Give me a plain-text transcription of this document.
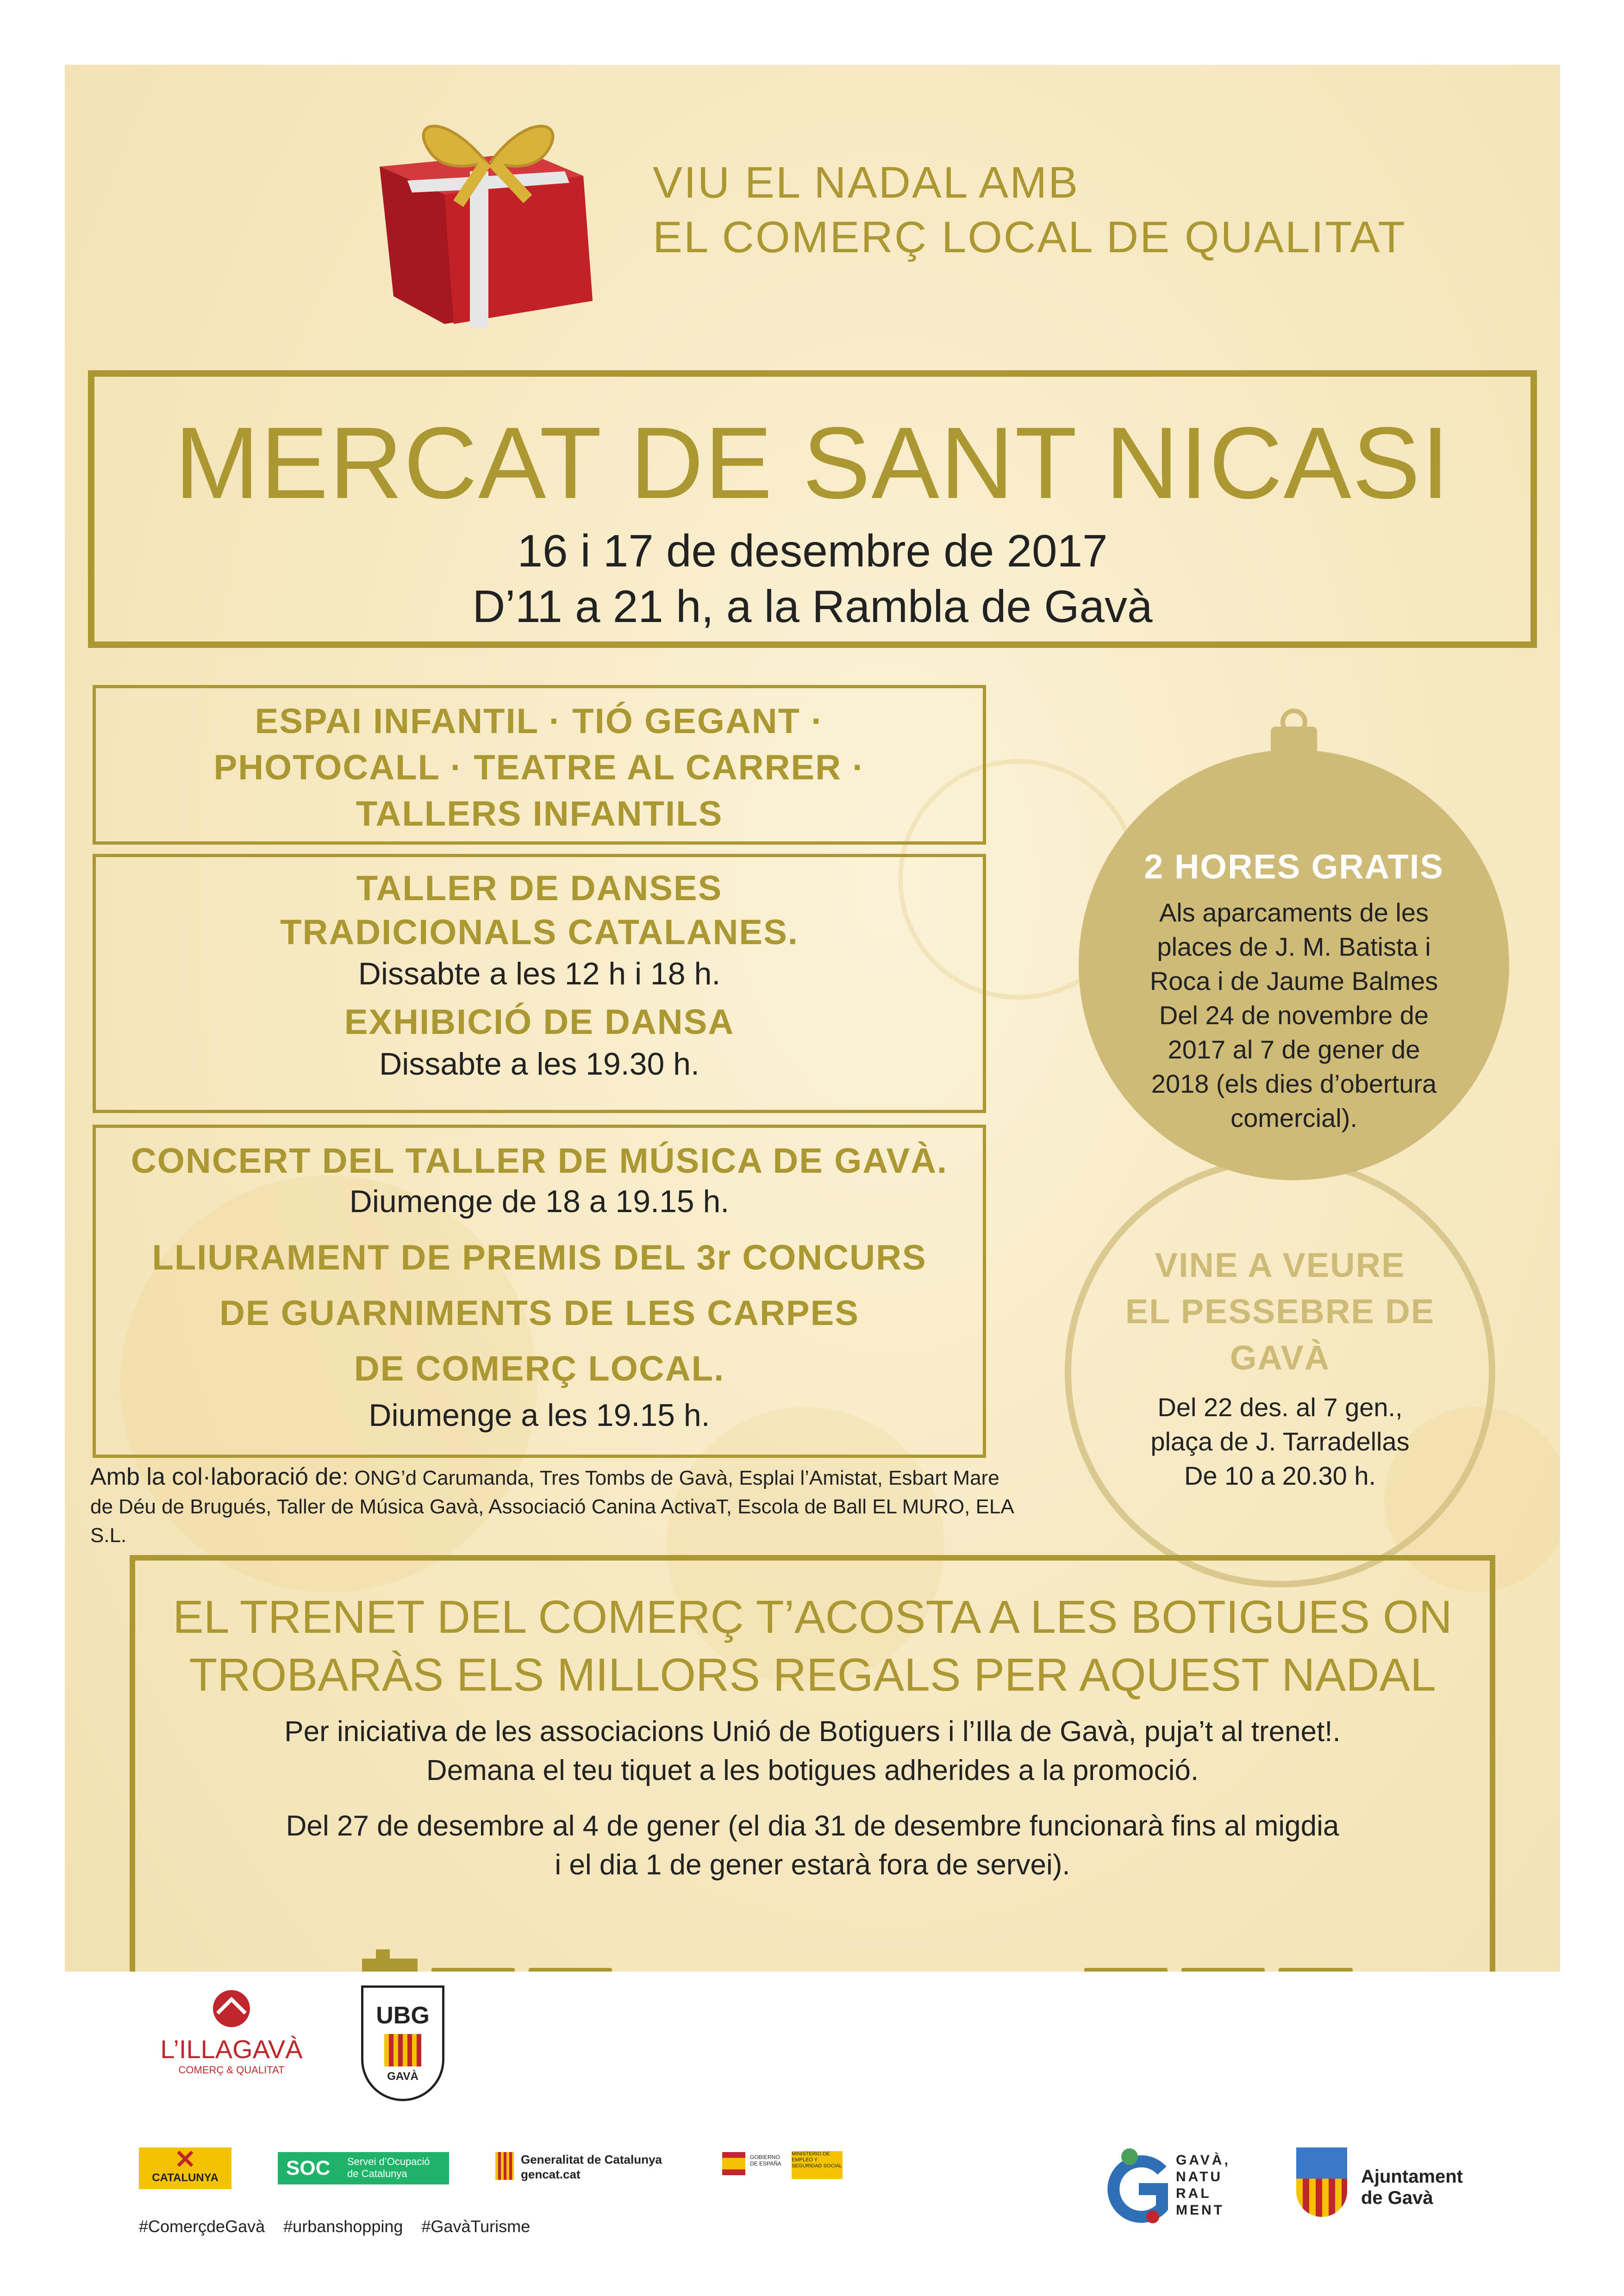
VIU EL NADAL AMB
EL COMERÇ LOCAL DE QUALITAT
MERCAT DE SANT NICASI
16 i 17 de desembre de 2017
D’11 a 21 h, a la Rambla de Gavà
ESPAI INFANTIL · TIÓ GEGANT ·
PHOTOCALL · TEATRE AL CARRER ·
TALLERS INFANTILS
TALLER DE DANSES
TRADICIONALS CATALANES.
Dissabte a les 12 h i 18 h.
EXHIBICIÓ DE DANSA
Dissabte a les 19.30 h.
CONCERT DEL TALLER DE MÚSICA DE GAVÀ.
Diumenge de 18 a 19.15 h.
LLIURAMENT DE PREMIS DEL 3r CONCURS
DE GUARNIMENTS DE LES CARPES
DE COMERÇ LOCAL.
Diumenge a les 19.15 h.
Amb la col·laboració de: ONG’d Carumanda, Tres Tombs de Gavà, Esplai l’Amistat, Esbart Mare
de Déu de Brugués, Taller de Música Gavà, Associació Canina ActivaT, Escola de Ball EL MURO, ELA S.L.
2 HORES GRATIS
Als aparcaments de les
places de J. M. Batista i
Roca i de Jaume Balmes
Del 24 de novembre de
2017 al 7 de gener de
2018 (els dies d’obertura
comercial).
VINE A VEURE
EL PESSEBRE DE
GAVÀ
Del 22 des. al 7 gen.,
plaça de J. Tarradellas
De 10 a 20.30 h.
EL TRENET DEL COMERÇ T’ACOSTA A LES BOTIGUES ON
TROBARÀS ELS MILLORS REGALS PER AQUEST NADAL
Per iniciativa de les associacions Unió de Botiguers i l’Illa de Gavà, puja’t al trenet!.
Demana el teu tiquet a les botigues adherides a la promoció.
Del 27 de desembre al 4 de gener (el dia 31 de desembre funcionarà fins al migdia
i el dia 1 de gener estarà fora de servei).
L’ILLAGAVÀ
COMERÇ & QUALITAT
UBG
GAVÀ
✕
CATALUNYA	SOC Servei d’Ocupació
de Catalunya
Generalitat de Catalunya
gencat.cat
GOBIERNO DE ESPAÑA
MINISTERIO DE EMPLEO Y SEGURIDAD SOCIAL
#ComerçdeGavà #urbanshopping #GavàTurisme
GAVÀ,
NATU
RAL
MENT
Ajuntament
de Gavà
